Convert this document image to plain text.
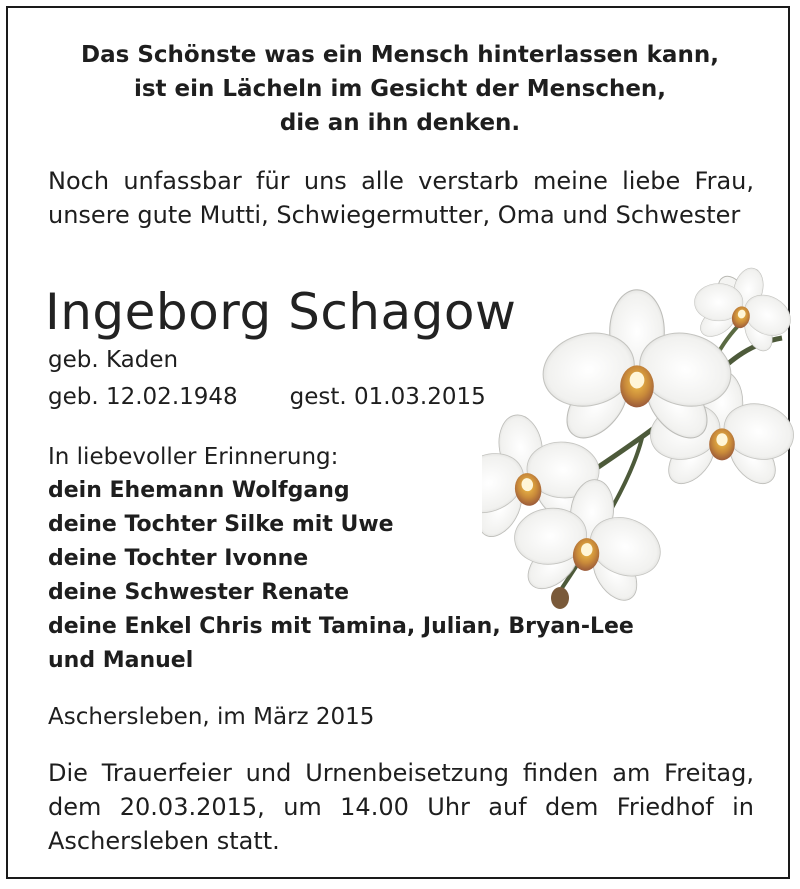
Das Schönste was ein Mensch hinterlassen kann,
ist ein Lächeln im Gesicht der Menschen,
die an ihn denken.
Noch unfassbar für uns alle verstarb meine liebe Frau, unsere gute Mutti, Schwiegermutter, Oma und Schwester
Ingeborg Schagow
geb. Kaden
geb. 12.02.1948 gest. 01.03.2015
In liebevoller Erinnerung:
dein Ehemann Wolfgang
deine Tochter Silke mit Uwe
deine Tochter Ivonne
deine Schwester Renate
deine Enkel Chris mit Tamina, Julian, Bryan-Lee
und Manuel
Aschersleben, im März 2015
Die Trauerfeier und Urnenbeisetzung finden am Freitag, dem 20.03.2015, um 14.00 Uhr auf dem Friedhof in Aschersleben statt.
